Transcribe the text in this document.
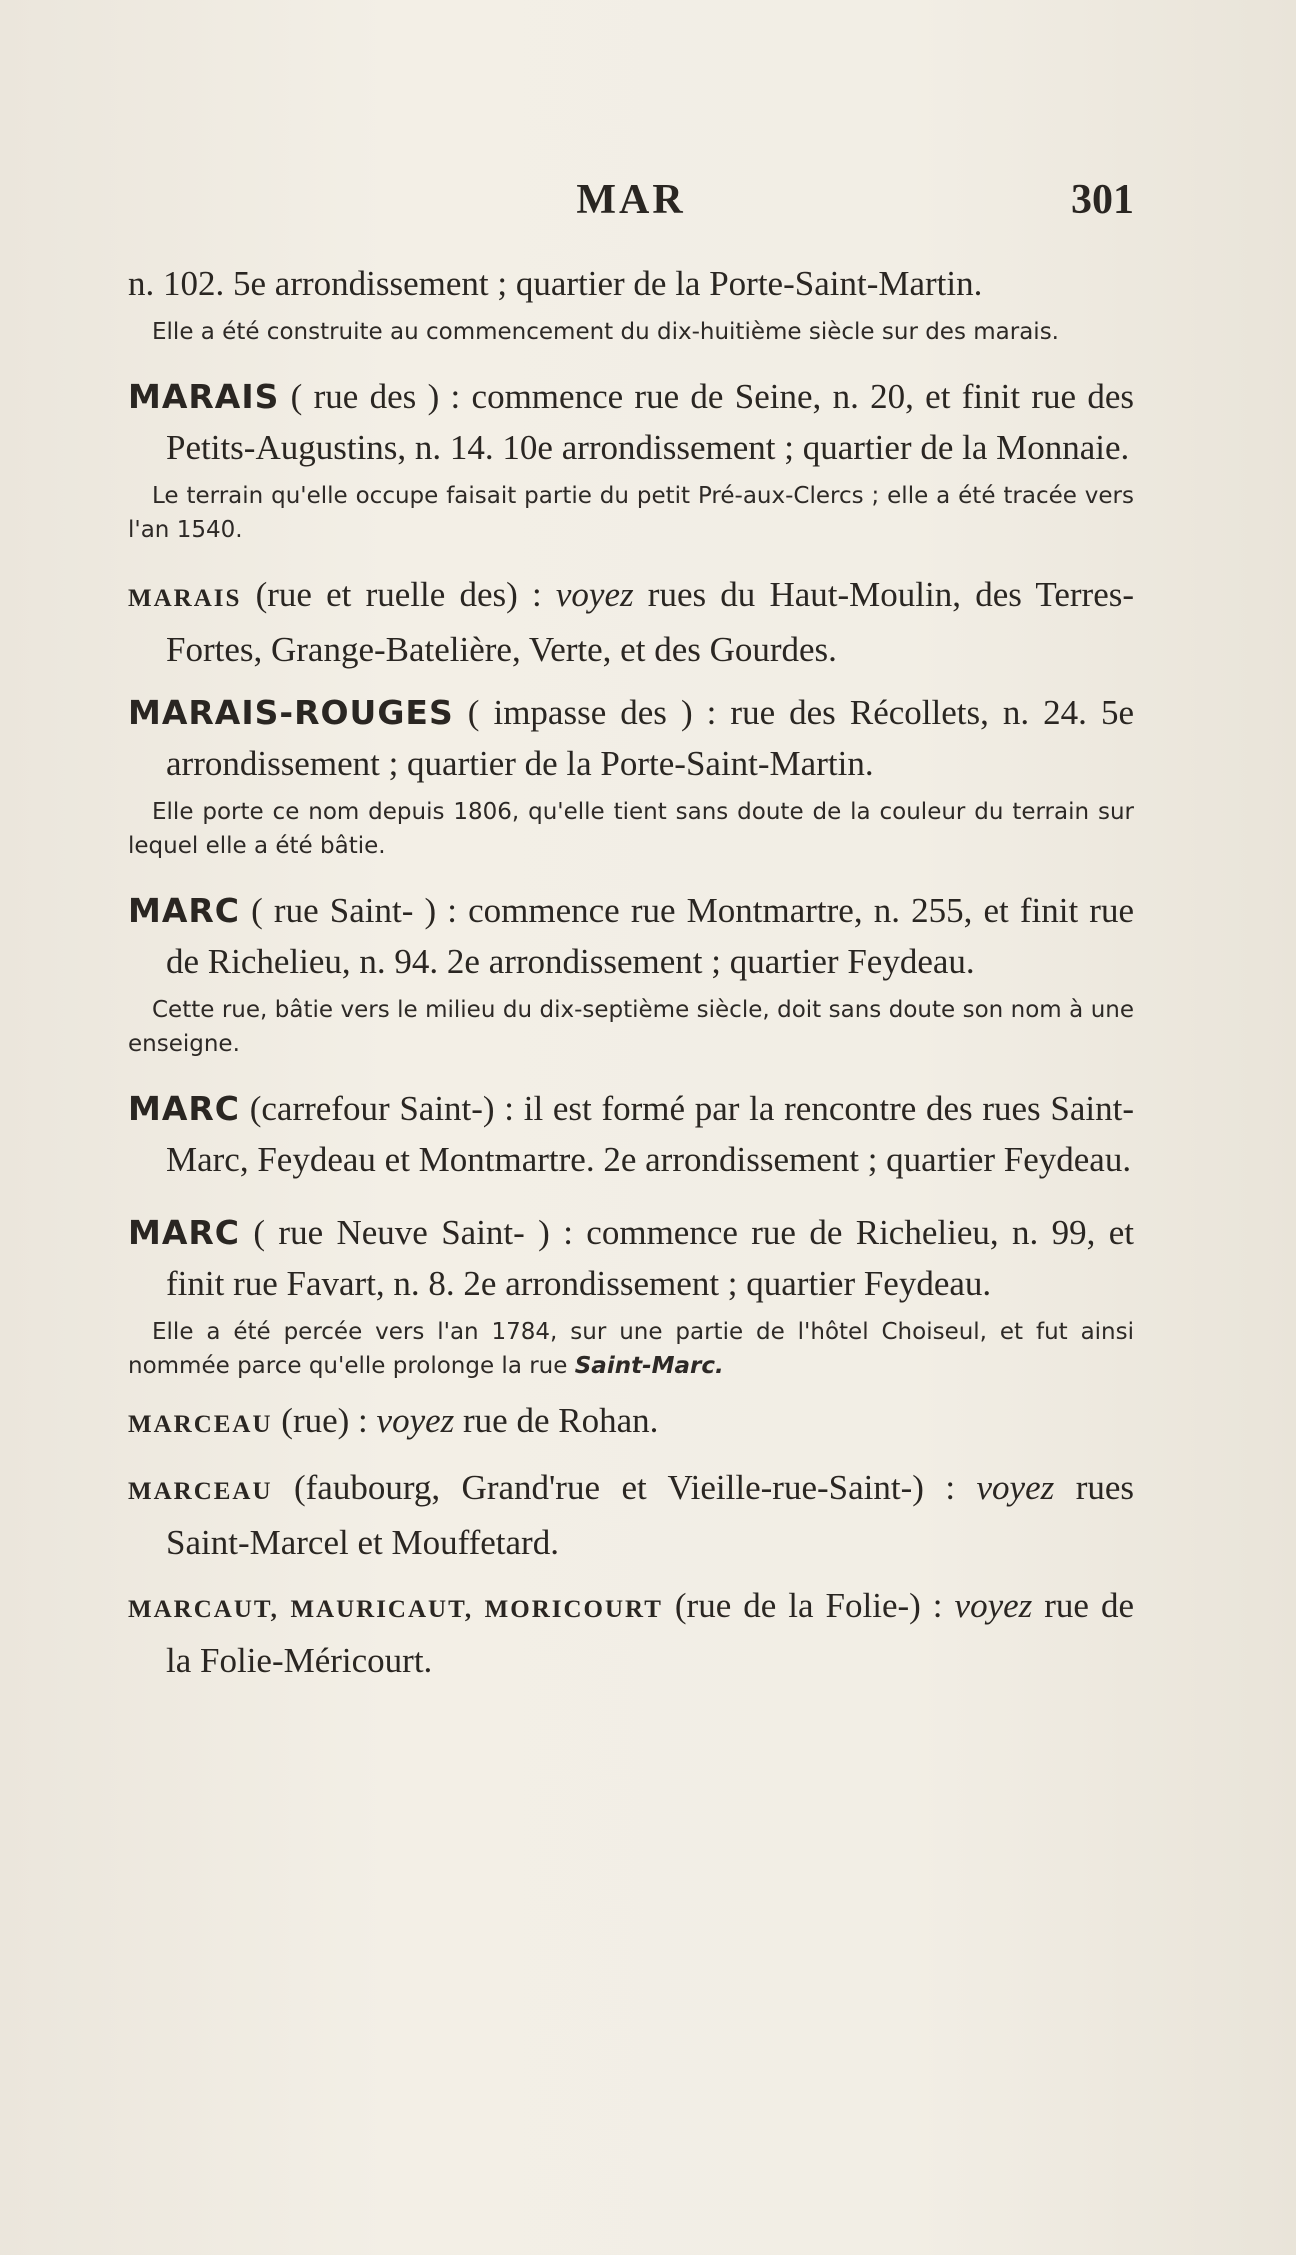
MAR	301

n. 102. 5e arrondissement ; quartier de la Porte-Saint-Martin.

Elle a été construite au commencement du dix-huitième siècle sur des marais.

MARAIS ( rue des ) : commence rue de Seine, n. 20, et finit rue des Petits-Augustins, n. 14. 10e arrondissement ; quartier de la Monnaie.

Le terrain qu'elle occupe faisait partie du petit Pré-aux-Clercs ; elle a été tracée vers l'an 1540.

MARAIS (rue et ruelle des) : voyez rues du Haut-Moulin, des Terres-Fortes, Grange-Batelière, Verte, et des Gourdes.

MARAIS-ROUGES ( impasse des ) : rue des Récollets, n. 24. 5e arrondissement ; quartier de la Porte-Saint-Martin.

Elle porte ce nom depuis 1806, qu'elle tient sans doute de la couleur du terrain sur lequel elle a été bâtie.

MARC ( rue Saint- ) : commence rue Montmartre, n. 255, et finit rue de Richelieu, n. 94. 2e arrondissement ; quartier Feydeau.

Cette rue, bâtie vers le milieu du dix-septième siècle, doit sans doute son nom à une enseigne.

MARC (carrefour Saint-) : il est formé par la rencontre des rues Saint-Marc, Feydeau et Montmartre. 2e arrondissement ; quartier Feydeau.

MARC ( rue Neuve Saint- ) : commence rue de Richelieu, n. 99, et finit rue Favart, n. 8. 2e arrondissement ; quartier Feydeau.

Elle a été percée vers l'an 1784, sur une partie de l'hôtel Choiseul, et fut ainsi nommée parce qu'elle prolonge la rue Saint-Marc.

MARCEAU (rue) : voyez rue de Rohan.

MARCEAU (faubourg, Grand'rue et Vieille-rue-Saint-) : voyez rues Saint-Marcel et Mouffetard.

MARCAUT, MAURICAUT, MORICOURT (rue de la Folie-) : voyez rue de la Folie-Méricourt.
